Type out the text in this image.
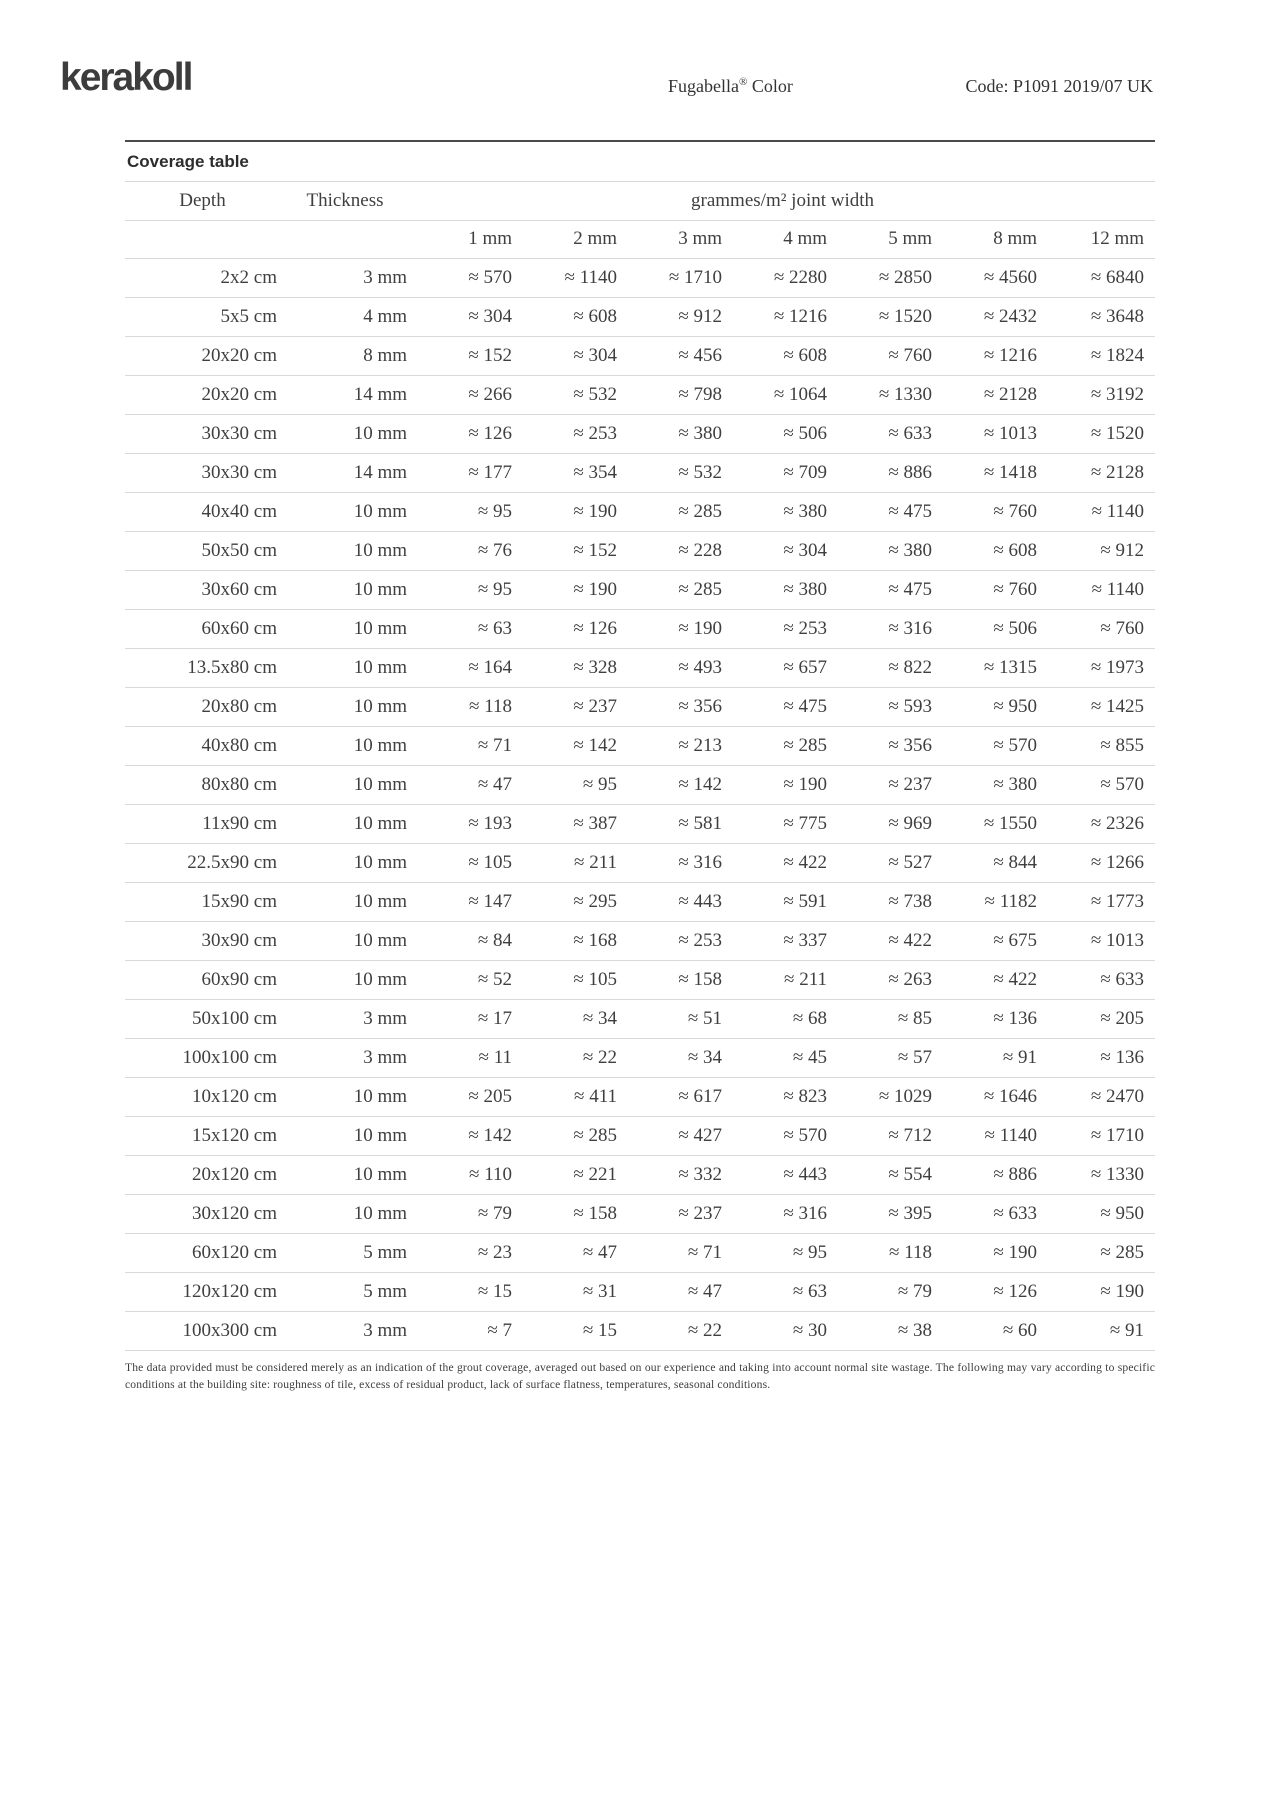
kerakoll	Fugabella® Color	Code: P1091 2019/07 UK
Coverage table
Depth	Thickness	grammes/m² joint width						
		1 mm	2 mm	3 mm	4 mm	5 mm	8 mm	12 mm
2x2 cm	3 mm	≈ 570	≈ 1140	≈ 1710	≈ 2280	≈ 2850	≈ 4560	≈ 6840
5x5 cm	4 mm	≈ 304	≈ 608	≈ 912	≈ 1216	≈ 1520	≈ 2432	≈ 3648
20x20 cm	8 mm	≈ 152	≈ 304	≈ 456	≈ 608	≈ 760	≈ 1216	≈ 1824
20x20 cm	14 mm	≈ 266	≈ 532	≈ 798	≈ 1064	≈ 1330	≈ 2128	≈ 3192
30x30 cm	10 mm	≈ 126	≈ 253	≈ 380	≈ 506	≈ 633	≈ 1013	≈ 1520
30x30 cm	14 mm	≈ 177	≈ 354	≈ 532	≈ 709	≈ 886	≈ 1418	≈ 2128
40x40 cm	10 mm	≈ 95	≈ 190	≈ 285	≈ 380	≈ 475	≈ 760	≈ 1140
50x50 cm	10 mm	≈ 76	≈ 152	≈ 228	≈ 304	≈ 380	≈ 608	≈ 912
30x60 cm	10 mm	≈ 95	≈ 190	≈ 285	≈ 380	≈ 475	≈ 760	≈ 1140
60x60 cm	10 mm	≈ 63	≈ 126	≈ 190	≈ 253	≈ 316	≈ 506	≈ 760
13.5x80 cm	10 mm	≈ 164	≈ 328	≈ 493	≈ 657	≈ 822	≈ 1315	≈ 1973
20x80 cm	10 mm	≈ 118	≈ 237	≈ 356	≈ 475	≈ 593	≈ 950	≈ 1425
40x80 cm	10 mm	≈ 71	≈ 142	≈ 213	≈ 285	≈ 356	≈ 570	≈ 855
80x80 cm	10 mm	≈ 47	≈ 95	≈ 142	≈ 190	≈ 237	≈ 380	≈ 570
11x90 cm	10 mm	≈ 193	≈ 387	≈ 581	≈ 775	≈ 969	≈ 1550	≈ 2326
22.5x90 cm	10 mm	≈ 105	≈ 211	≈ 316	≈ 422	≈ 527	≈ 844	≈ 1266
15x90 cm	10 mm	≈ 147	≈ 295	≈ 443	≈ 591	≈ 738	≈ 1182	≈ 1773
30x90 cm	10 mm	≈ 84	≈ 168	≈ 253	≈ 337	≈ 422	≈ 675	≈ 1013
60x90 cm	10 mm	≈ 52	≈ 105	≈ 158	≈ 211	≈ 263	≈ 422	≈ 633
50x100 cm	3 mm	≈ 17	≈ 34	≈ 51	≈ 68	≈ 85	≈ 136	≈ 205
100x100 cm	3 mm	≈ 11	≈ 22	≈ 34	≈ 45	≈ 57	≈ 91	≈ 136
10x120 cm	10 mm	≈ 205	≈ 411	≈ 617	≈ 823	≈ 1029	≈ 1646	≈ 2470
15x120 cm	10 mm	≈ 142	≈ 285	≈ 427	≈ 570	≈ 712	≈ 1140	≈ 1710
20x120 cm	10 mm	≈ 110	≈ 221	≈ 332	≈ 443	≈ 554	≈ 886	≈ 1330
30x120 cm	10 mm	≈ 79	≈ 158	≈ 237	≈ 316	≈ 395	≈ 633	≈ 950
60x120 cm	5 mm	≈ 23	≈ 47	≈ 71	≈ 95	≈ 118	≈ 190	≈ 285
120x120 cm	5 mm	≈ 15	≈ 31	≈ 47	≈ 63	≈ 79	≈ 126	≈ 190
100x300 cm	3 mm	≈ 7	≈ 15	≈ 22	≈ 30	≈ 38	≈ 60	≈ 91

The data provided must be considered merely as an indication of the grout coverage, averaged out based on our experience and taking into account normal site wastage. The following may vary according to specific conditions at the building site: roughness of tile, excess of residual product, lack of surface flatness, temperatures, seasonal conditions.
